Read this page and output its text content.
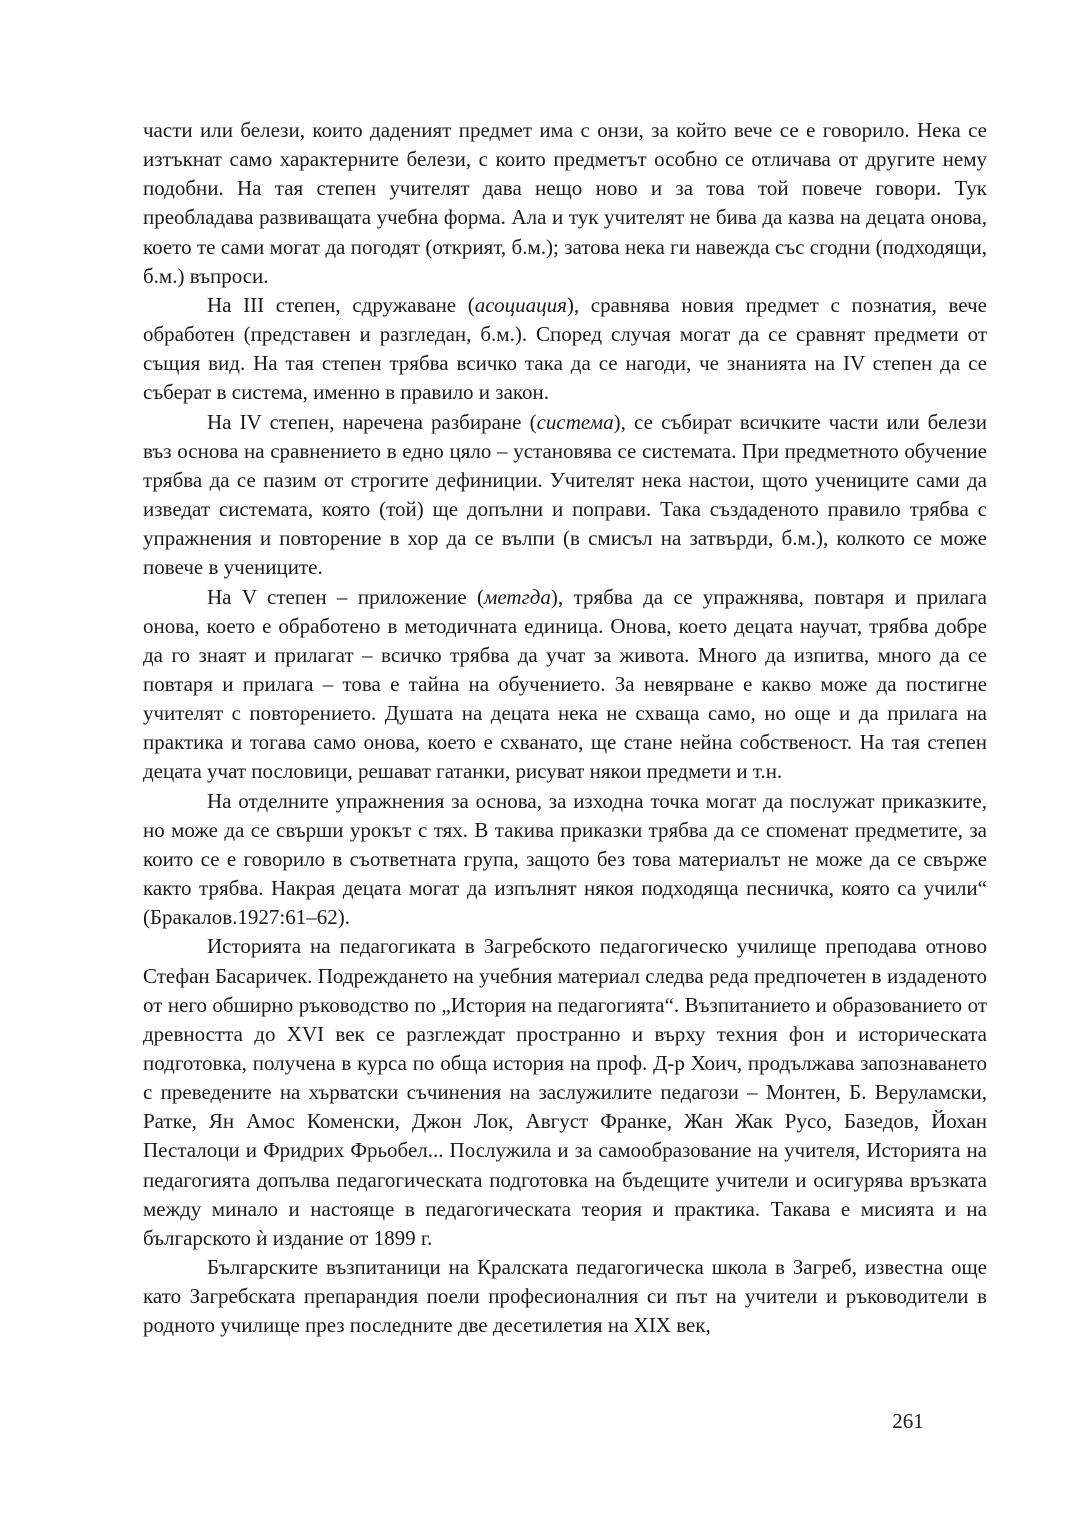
части или белези, които даденият предмет има с онзи, за който вече се е говорило. Нека се изтъкнат само характерните белези, с които предметът особно се отличава от другите нему подобни. На тая степен учителят дава нещо ново и за това той повече говори. Тук преобладава развиващата учебна форма. Ала и тук учителят не бива да казва на децата онова, което те сами могат да погодят (открият, б.м.); затова нека ги навежда със сгодни (подходящи, б.м.) въпроси.

На III степен, сдружаване (асоциация), сравнява новия предмет с познатия, вече обработен (представен и разгледан, б.м.). Според случая могат да се сравнят предмети от същия вид. На тая степен трябва всичко така да се нагоди, че знанията на IV степен да се съберат в система, именно в правило и закон.

На IV степен, наречена разбиране (система), се събират всичките части или белези въз основа на сравнението в едно цяло – установява се системата. При предметното обучение трябва да се пазим от строгите дефиниции. Учителят нека настои, щото учениците сами да изведат системата, която (той) ще допълни и поправи. Така създаденото правило трябва с упражнения и повторение в хор да се вълпи (в смисъл на затвърди, б.м.), колкото се може повече в учениците.

На V степен – приложение (метгда), трябва да се упражнява, повтаря и прилага онова, което е обработено в методичната единица. Онова, което децата научат, трябва добре да го знаят и прилагат – всичко трябва да учат за живота. Много да изпитва, много да се повтаря и прилага – това е тайна на обучението. За невярване е какво може да постигне учителят с повторението. Душата на децата нека не схваща само, но още и да прилага на практика и тогава само онова, което е схванато, ще стане нейна собственост. На тая степен децата учат пословици, решават гатанки, рисуват някои предмети и т.н.

На отделните упражнения за основа, за изходна точка могат да послужат приказките, но може да се свърши урокът с тях. В такива приказки трябва да се споменат предметите, за които се е говорило в съответната група, защото без това материалът не може да се свърже както трябва. Накрая децата могат да изпълнят някоя подходяща песничка, която са учили“ (Бракалов.1927:61–62).

Историята на педагогиката в Загребското педагогическо училище преподава отново Стефан Басаричек. Подреждането на учебния материал следва реда предпочетен в издаденото от него обширно ръководство по „История на педагогията“. Възпитанието и образованието от древността до XVI век се разглеждат пространно и върху техния фон и историческата подготовка, получена в курса по обща история на проф. Д-р Хоич, продължава запознаването с преведените на хърватски съчинения на заслужилите педагози – Монтен, Б. Веруламски, Ратке, Ян Амос Коменски, Джон Лок, Август Франке, Жан Жак Русо, Базедов, Йохан Песталоци и Фридрих Фрьобел... Послужила и за самообразование на учителя, Историята на педагогията допълва педагогическата подготовка на бъдещите учители и осигурява връзката между минало и настояще в педагогическата теория и практика. Такава е мисията и на българското ѝ издание от 1899 г.

Българските възпитаници на Кралската педагогическа школа в Загреб, известна още като Загребската препарандия поели професионалния си път на учители и ръководители в родното училище през последните две десетилетия на XIX век,

261
